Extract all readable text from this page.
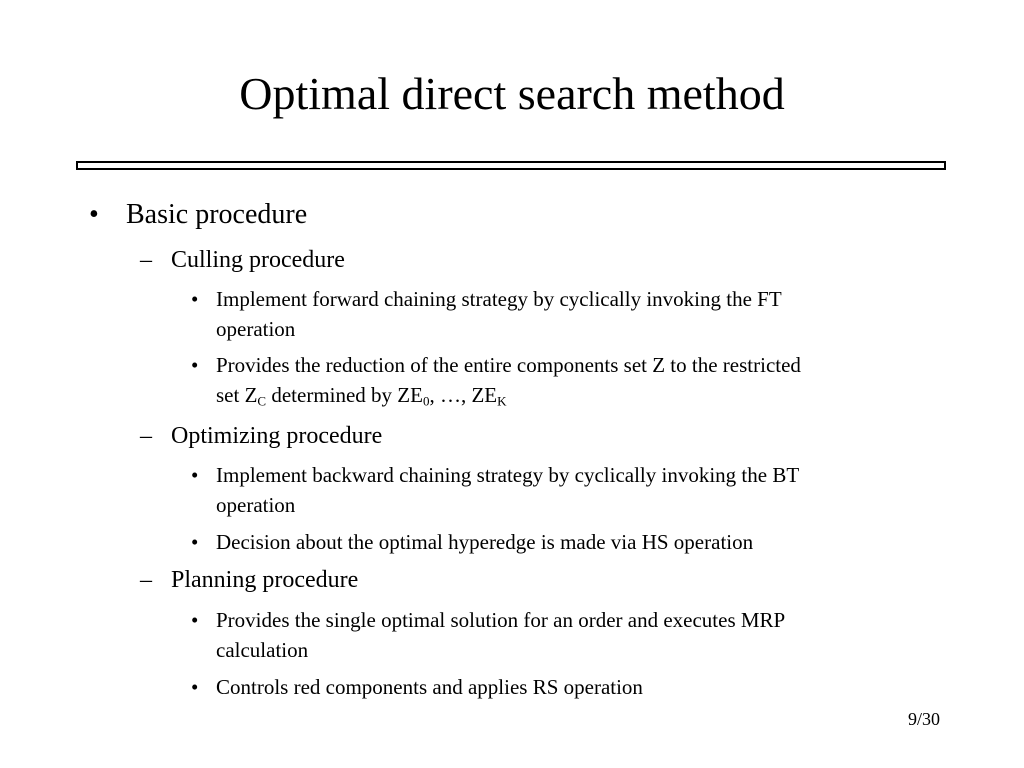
Optimal direct search method
• Basic procedure
– Culling procedure
• Implement forward chaining strategy by cyclically invoking the FT
operation
• Provides the reduction of the entire components set Z to the restricted
set $Z_C$ determined by $ZE_0$, …, $ZE_K$
– Optimizing procedure
• Implement backward chaining strategy by cyclically invoking the BT
operation
• Decision about the optimal hyperedge is made via HS operation
– Planning procedure
• Provides the single optimal solution for an order and executes MRP
calculation
• Controls red components and applies RS operation
9/30
